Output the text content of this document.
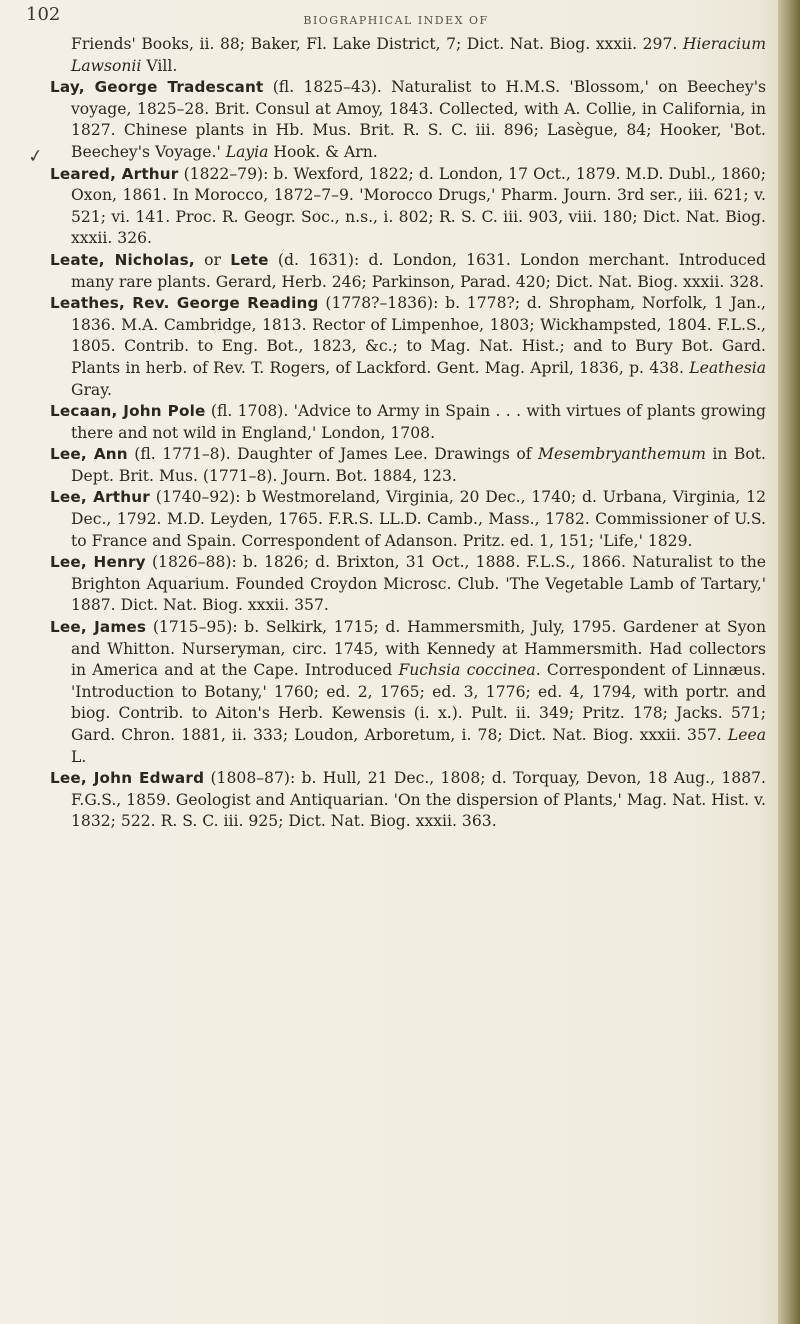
102	BIOGRAPHICAL INDEX OF
✓

Friends' Books, ii. 88; Baker, Fl. Lake District, 7; Dict. Nat. Biog. xxxii. 297. Hieracium Lawsonii Vill.

Lay, George Tradescant (fl. 1825–43). Naturalist to H.M.S. 'Blossom,' on Beechey's voyage, 1825–28. Brit. Consul at Amoy, 1843. Collected, with A. Collie, in California, in 1827. Chinese plants in Hb. Mus. Brit. R. S. C. iii. 896; Lasègue, 84; Hooker, 'Bot. Beechey's Voyage.' Layia Hook. & Arn.

Leared, Arthur (1822–79): b. Wexford, 1822; d. London, 17 Oct., 1879. M.D. Dubl., 1860; Oxon, 1861. In Morocco, 1872–7–9. 'Morocco Drugs,' Pharm. Journ. 3rd ser., iii. 621; v. 521; vi. 141. Proc. R. Geogr. Soc., n.s., i. 802; R. S. C. iii. 903, viii. 180; Dict. Nat. Biog. xxxii. 326.

Leate, Nicholas, or Lete (d. 1631): d. London, 1631. London merchant. Introduced many rare plants. Gerard, Herb. 246; Parkinson, Parad. 420; Dict. Nat. Biog. xxxii. 328.

Leathes, Rev. George Reading (1778?–1836): b. 1778?; d. Shropham, Norfolk, 1 Jan., 1836. M.A. Cambridge, 1813. Rector of Limpenhoe, 1803; Wickhampsted, 1804. F.L.S., 1805. Contrib. to Eng. Bot., 1823, &c.; to Mag. Nat. Hist.; and to Bury Bot. Gard. Plants in herb. of Rev. T. Rogers, of Lackford. Gent. Mag. April, 1836, p. 438. Leathesia Gray.

Lecaan, John Pole (fl. 1708). 'Advice to Army in Spain . . . with virtues of plants growing there and not wild in England,' London, 1708.

Lee, Ann (fl. 1771–8). Daughter of James Lee. Drawings of Mesembryanthemum in Bot. Dept. Brit. Mus. (1771–8). Journ. Bot. 1884, 123.

Lee, Arthur (1740–92): b Westmoreland, Virginia, 20 Dec., 1740; d. Urbana, Virginia, 12 Dec., 1792. M.D. Leyden, 1765. F.R.S. LL.D. Camb., Mass., 1782. Commissioner of U.S. to France and Spain. Correspondent of Adanson. Pritz. ed. 1, 151; 'Life,' 1829.

Lee, Henry (1826–88): b. 1826; d. Brixton, 31 Oct., 1888. F.L.S., 1866. Naturalist to the Brighton Aquarium. Founded Croydon Microsc. Club. 'The Vegetable Lamb of Tartary,' 1887. Dict. Nat. Biog. xxxii. 357.

Lee, James (1715–95): b. Selkirk, 1715; d. Hammersmith, July, 1795. Gardener at Syon and Whitton. Nurseryman, circ. 1745, with Kennedy at Hammersmith. Had collectors in America and at the Cape. Introduced Fuchsia coccinea. Correspondent of Linnæus. 'Introduction to Botany,' 1760; ed. 2, 1765; ed. 3, 1776; ed. 4, 1794, with portr. and biog. Contrib. to Aiton's Herb. Kewensis (i. x.). Pult. ii. 349; Pritz. 178; Jacks. 571; Gard. Chron. 1881, ii. 333; Loudon, Arboretum, i. 78; Dict. Nat. Biog. xxxii. 357. Leea L.

Lee, John Edward (1808–87): b. Hull, 21 Dec., 1808; d. Torquay, Devon, 18 Aug., 1887. F.G.S., 1859. Geologist and Antiquarian. 'On the dispersion of Plants,' Mag. Nat. Hist. v. 1832; 522. R. S. C. iii. 925; Dict. Nat. Biog. xxxii. 363.
